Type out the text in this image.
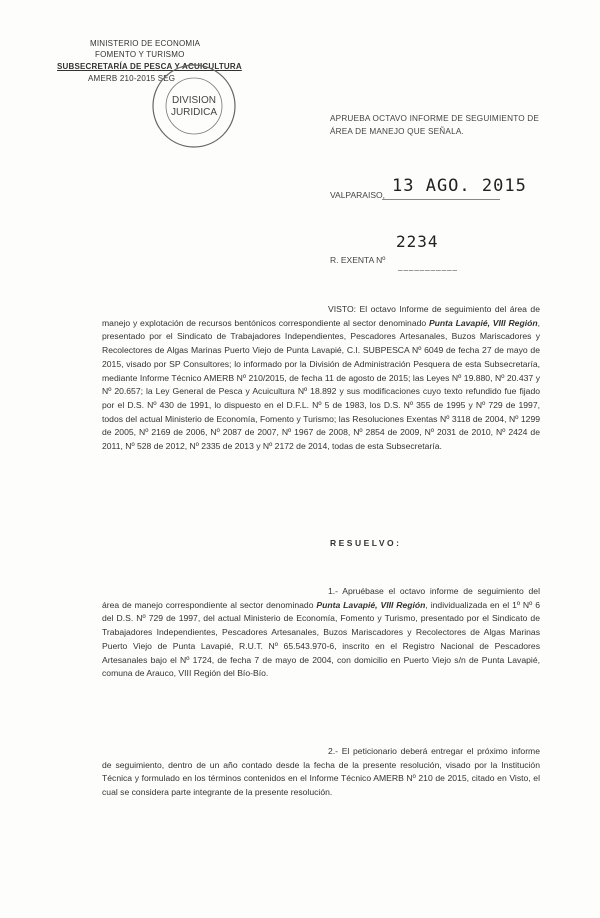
MINISTERIO DE ECONOMIA
FOMENTO Y TURISMO
SUBSECRETARÍA DE PESCA Y ACUICULTURA
AMERB 210-2015 SEG
DIVISION
JURIDICA
APRUEBA OCTAVO INFORME DE SEGUIMIENTO DE ÁREA DE MANEJO QUE SEÑALA.
VALPARAISO, 13 AGO. 2015
2234
R. EXENTA Nº
___________
VISTO: El octavo Informe de seguimiento del área de manejo y explotación de recursos bentónicos correspondiente al sector denominado Punta Lavapié, VIII Región, presentado por el Sindicato de Trabajadores Independientes, Pescadores Artesanales, Buzos Mariscadores y Recolectores de Algas Marinas Puerto Viejo de Punta Lavapié, C.I. SUBPESCA Nº 6049 de fecha 27 de mayo de 2015, visado por SP Consultores; lo informado por la División de Administración Pesquera de esta Subsecretaría, mediante Informe Técnico AMERB Nº 210/2015, de fecha 11 de agosto de 2015; las Leyes Nº 19.880, Nº 20.437 y Nº 20.657; la Ley General de Pesca y Acuicultura Nº 18.892 y sus modificaciones cuyo texto refundido fue fijado por el D.S. Nº 430 de 1991, lo dispuesto en el D.F.L. Nº 5 de 1983, los D.S. Nº 355 de 1995 y Nº 729 de 1997, todos del actual Ministerio de Economía, Fomento y Turismo; las Resoluciones Exentas Nº 3118 de 2004, Nº 1299 de 2005, Nº 2169 de 2006, Nº 2087 de 2007, Nº 1967 de 2008, Nº 2854 de 2009, Nº 2031 de 2010, Nº 2424 de 2011, Nº 528 de 2012, Nº 2335 de 2013 y Nº 2172 de 2014, todas de esta Subsecretaría.
RESUELVO:
1.- Apruébase el octavo informe de seguimiento del área de manejo correspondiente al sector denominado Punta Lavapié, VIII Región, individualizada en el 1º Nº 6 del D.S. Nº 729 de 1997, del actual Ministerio de Economía, Fomento y Turismo, presentado por el Sindicato de Trabajadores Independientes, Pescadores Artesanales, Buzos Mariscadores y Recolectores de Algas Marinas Puerto Viejo de Punta Lavapié, R.U.T. Nº 65.543.970-6, inscrito en el Registro Nacional de Pescadores Artesanales bajo el Nº 1724, de fecha 7 de mayo de 2004, con domicilio en Puerto Viejo s/n de Punta Lavapié, comuna de Arauco, VIII Región del Bío-Bío.
2.- El peticionario deberá entregar el próximo informe de seguimiento, dentro de un año contado desde la fecha de la presente resolución, visado por la Institución Técnica y formulado en los términos contenidos en el Informe Técnico AMERB Nº 210 de 2015, citado en Visto, el cual se considera parte integrante de la presente resolución.
